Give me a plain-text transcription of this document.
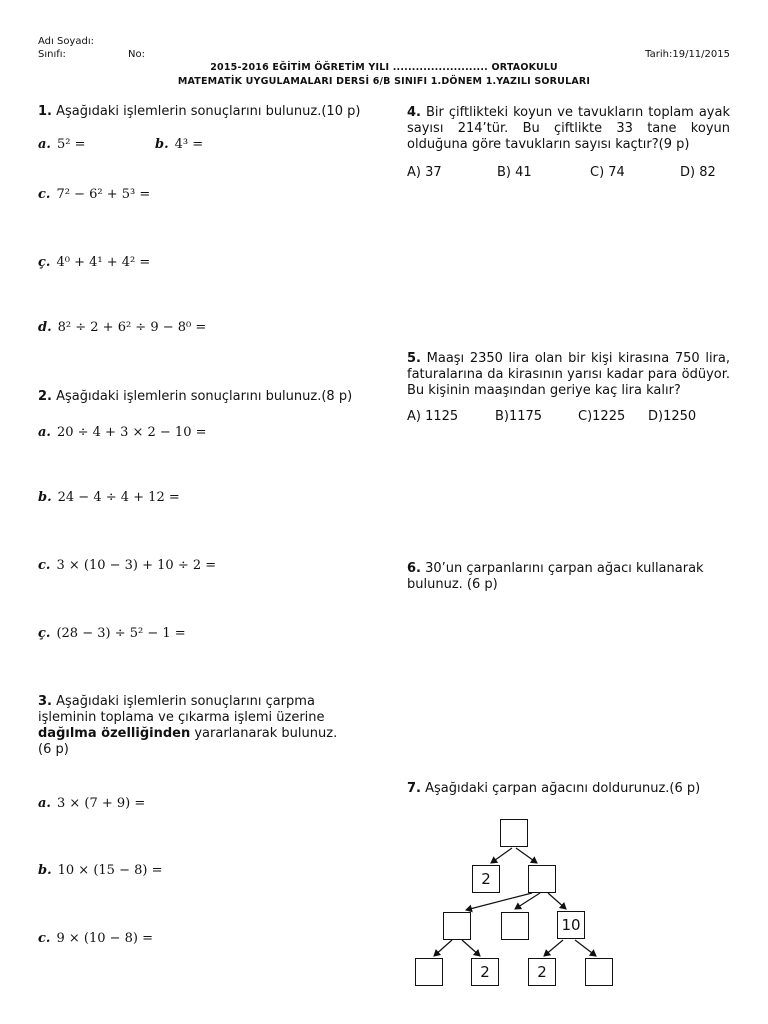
Adı Soyadı:
Sınıfı:	No:	Tarih:19/11/2015
2015-2016 EĞİTİM ÖĞRETİM YILI ......................... ORTAOKULU
MATEMATİK UYGULAMALARI DERSİ 6/B SINIFI 1.DÖNEM 1.YAZILI SORULARI
1. Aşağıdaki işlemlerin sonuçlarını bulunuz.(10 p)
a. 5² =	b. 4³ =
c. 7² − 6² + 5³ =
ç. 4⁰ + 4¹ + 4² =
d. 8² ÷ 2 + 6² ÷ 9 − 8⁰ =
2. Aşağıdaki işlemlerin sonuçlarını bulunuz.(8 p)
a. 20 ÷ 4 + 3 × 2 − 10 =
b. 24 − 4 ÷ 4 + 12 =
c. 3 × (10 − 3) + 10 ÷ 2 =
ç. (28 − 3) ÷ 5² − 1 =
3. Aşağıdaki işlemlerin sonuçlarını çarpma işleminin toplama ve çıkarma işlemi üzerine dağılma özelliğinden yararlanarak bulunuz. (6 p)
a. 3 × (7 + 9) =
b. 10 × (15 − 8) =
c. 9 × (10 − 8) =
4. Bir çiftlikteki koyun ve tavukların toplam ayak sayısı 214’tür. Bu çiftlikte 33 tane koyun olduğuna göre tavukların sayısı kaçtır?(9 p)
A) 37	B) 41	C) 74	D) 82
5. Maaşı 2350 lira olan bir kişi kirasına 750 lira, faturalarına da kirasının yarısı kadar para ödüyor. Bu kişinin maaşından geriye kaç lira kalır?
A) 1125	B)1175	C)1225 D)1250
6. 30’un çarpanlarını çarpan ağacı kullanarak bulunuz. (6 p)
7. Aşağıdaki çarpan ağacını doldurunuz.(6 p)
2
10
2	2
